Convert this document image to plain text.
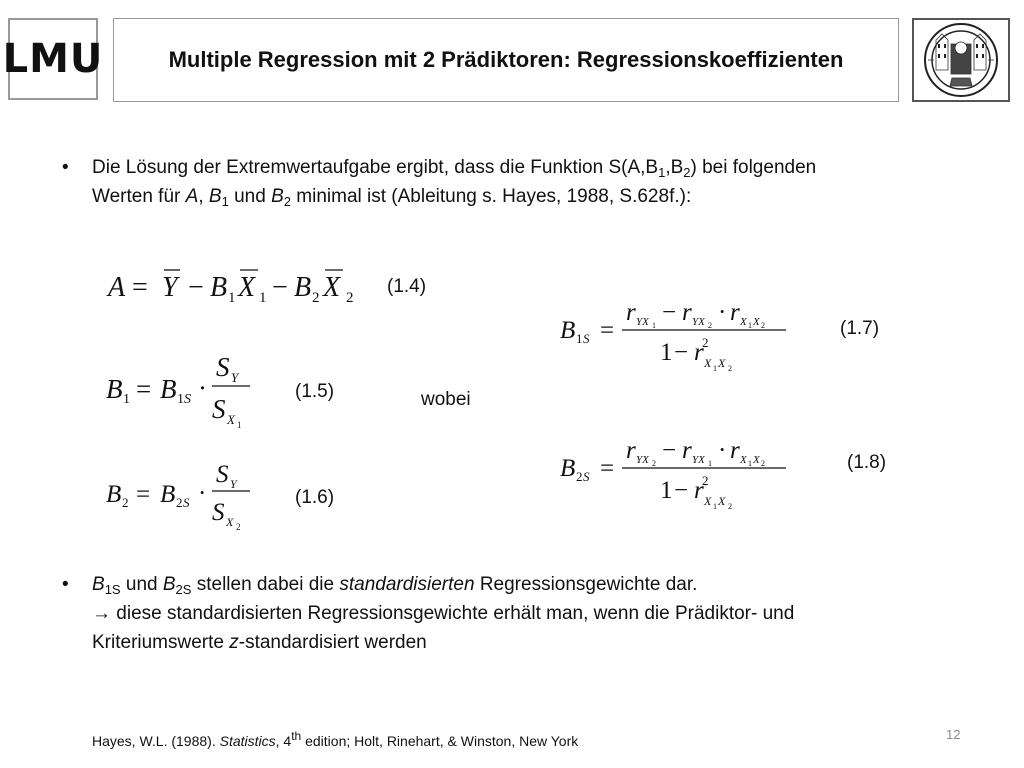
LMU	Multiple Regression mit 2 Prädiktoren: Regressionskoeffizienten
• Die Lösung der Extremwertaufgabe ergibt, dass die Funktion $S(A,B_1,B_2)$ bei folgenden
Werten für A, $B_1$ und $B_2$ minimal ist (Ableitung s. Hayes, 1988, S.628f.):
A = Y − B 1 X 1 − B 2 X 2
(1.4)
B 1 = B 1 S ·
S Y
S X 1
(1.5)
B 2 = B 2 S ·
S Y
S X 2
(1.6)
wobei
B 1 S =
r YX 1 − r YX 2 · r X 1 X 2
1 − r
2
X 1 X 2
(1.7)
B 2 S =
r YX 2 − r YX 1 · r X 1 X 2
1 − r
2
X 1 X 2
(1.8)
• $B_{1S}$ und $B_{2S}$ stellen dabei die standardisierten Regressionsgewichte dar.
→ diese standardisierten Regressionsgewichte erhält man, wenn die Prädiktor- und
Kriteriumswerte z-standardisiert werden
Hayes, W.L. (1988). Statistics, 4th edition; Holt, Rinehart, & Winston, New York	12
